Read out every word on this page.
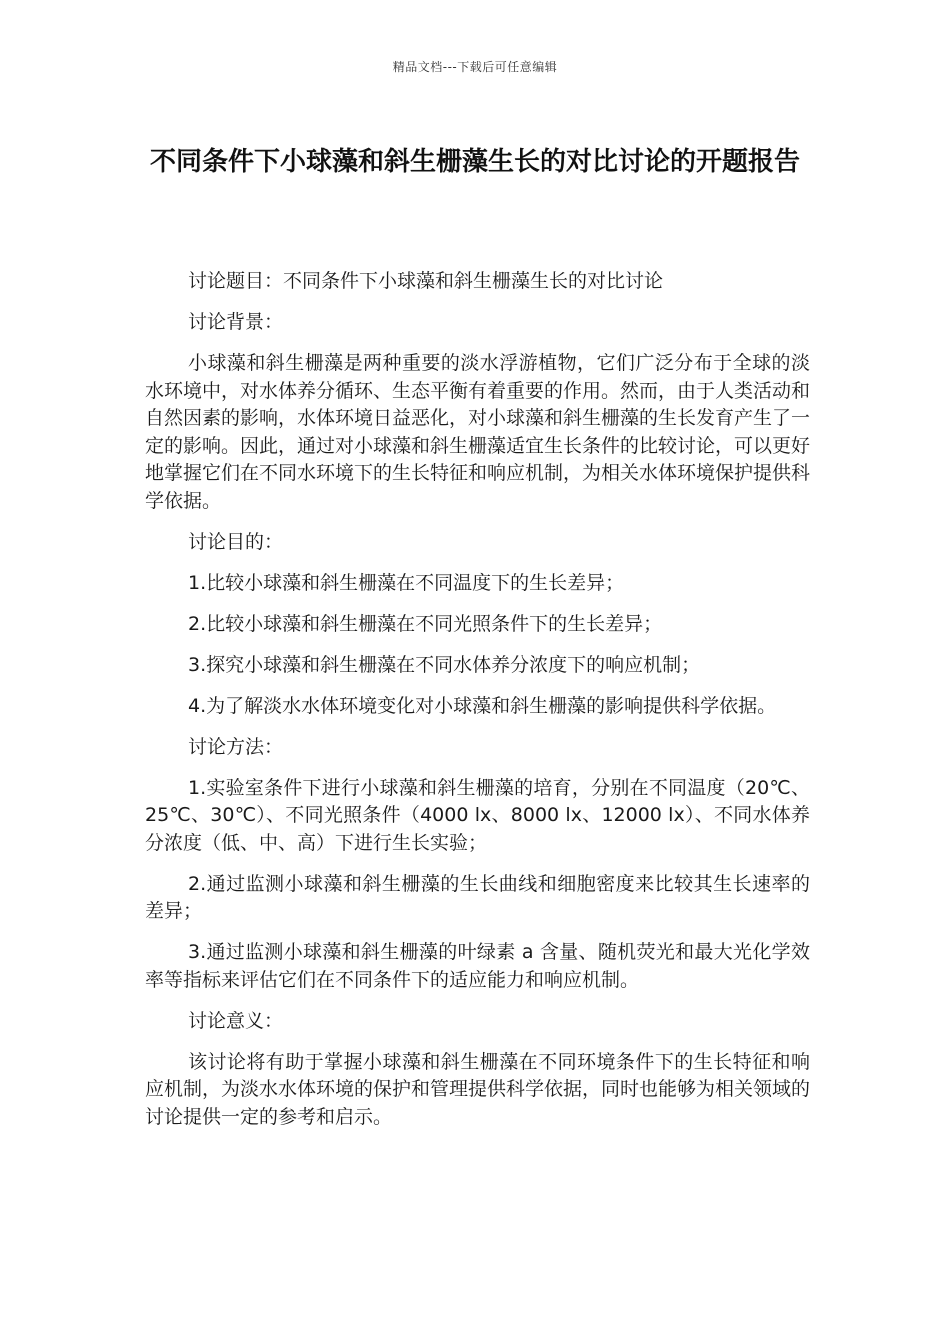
精品文档---下载后可任意编辑
不同条件下小球藻和斜生栅藻生长的对比讨论的开题报告

讨论题目：不同条件下小球藻和斜生栅藻生长的对比讨论

讨论背景：

小球藻和斜生栅藻是两种重要的淡水浮游植物，它们广泛分布于全球的淡水环境中，对水体养分循环、生态平衡有着重要的作用。然而，由于人类活动和自然因素的影响，水体环境日益恶化，对小球藻和斜生栅藻的生长发育产生了一定的影响。因此，通过对小球藻和斜生栅藻适宜生长条件的比较讨论，可以更好地掌握它们在不同水环境下的生长特征和响应机制，为相关水体环境保护提供科学依据。

讨论目的：

1.比较小球藻和斜生栅藻在不同温度下的生长差异；

2.比较小球藻和斜生栅藻在不同光照条件下的生长差异；

3.探究小球藻和斜生栅藻在不同水体养分浓度下的响应机制；

4.为了解淡水水体环境变化对小球藻和斜生栅藻的影响提供科学依据。

讨论方法：

1.实验室条件下进行小球藻和斜生栅藻的培育，分别在不同温度（20℃、25℃、30℃）、不同光照条件（4000 lx、8000 lx、12000 lx）、不同水体养分浓度（低、中、高）下进行生长实验；

2.通过监测小球藻和斜生栅藻的生长曲线和细胞密度来比较其生长速率的差异；

3.通过监测小球藻和斜生栅藻的叶绿素 a 含量、随机荧光和最大光化学效率等指标来评估它们在不同条件下的适应能力和响应机制。

讨论意义：

该讨论将有助于掌握小球藻和斜生栅藻在不同环境条件下的生长特征和响应机制，为淡水水体环境的保护和管理提供科学依据，同时也能够为相关领域的讨论提供一定的参考和启示。
